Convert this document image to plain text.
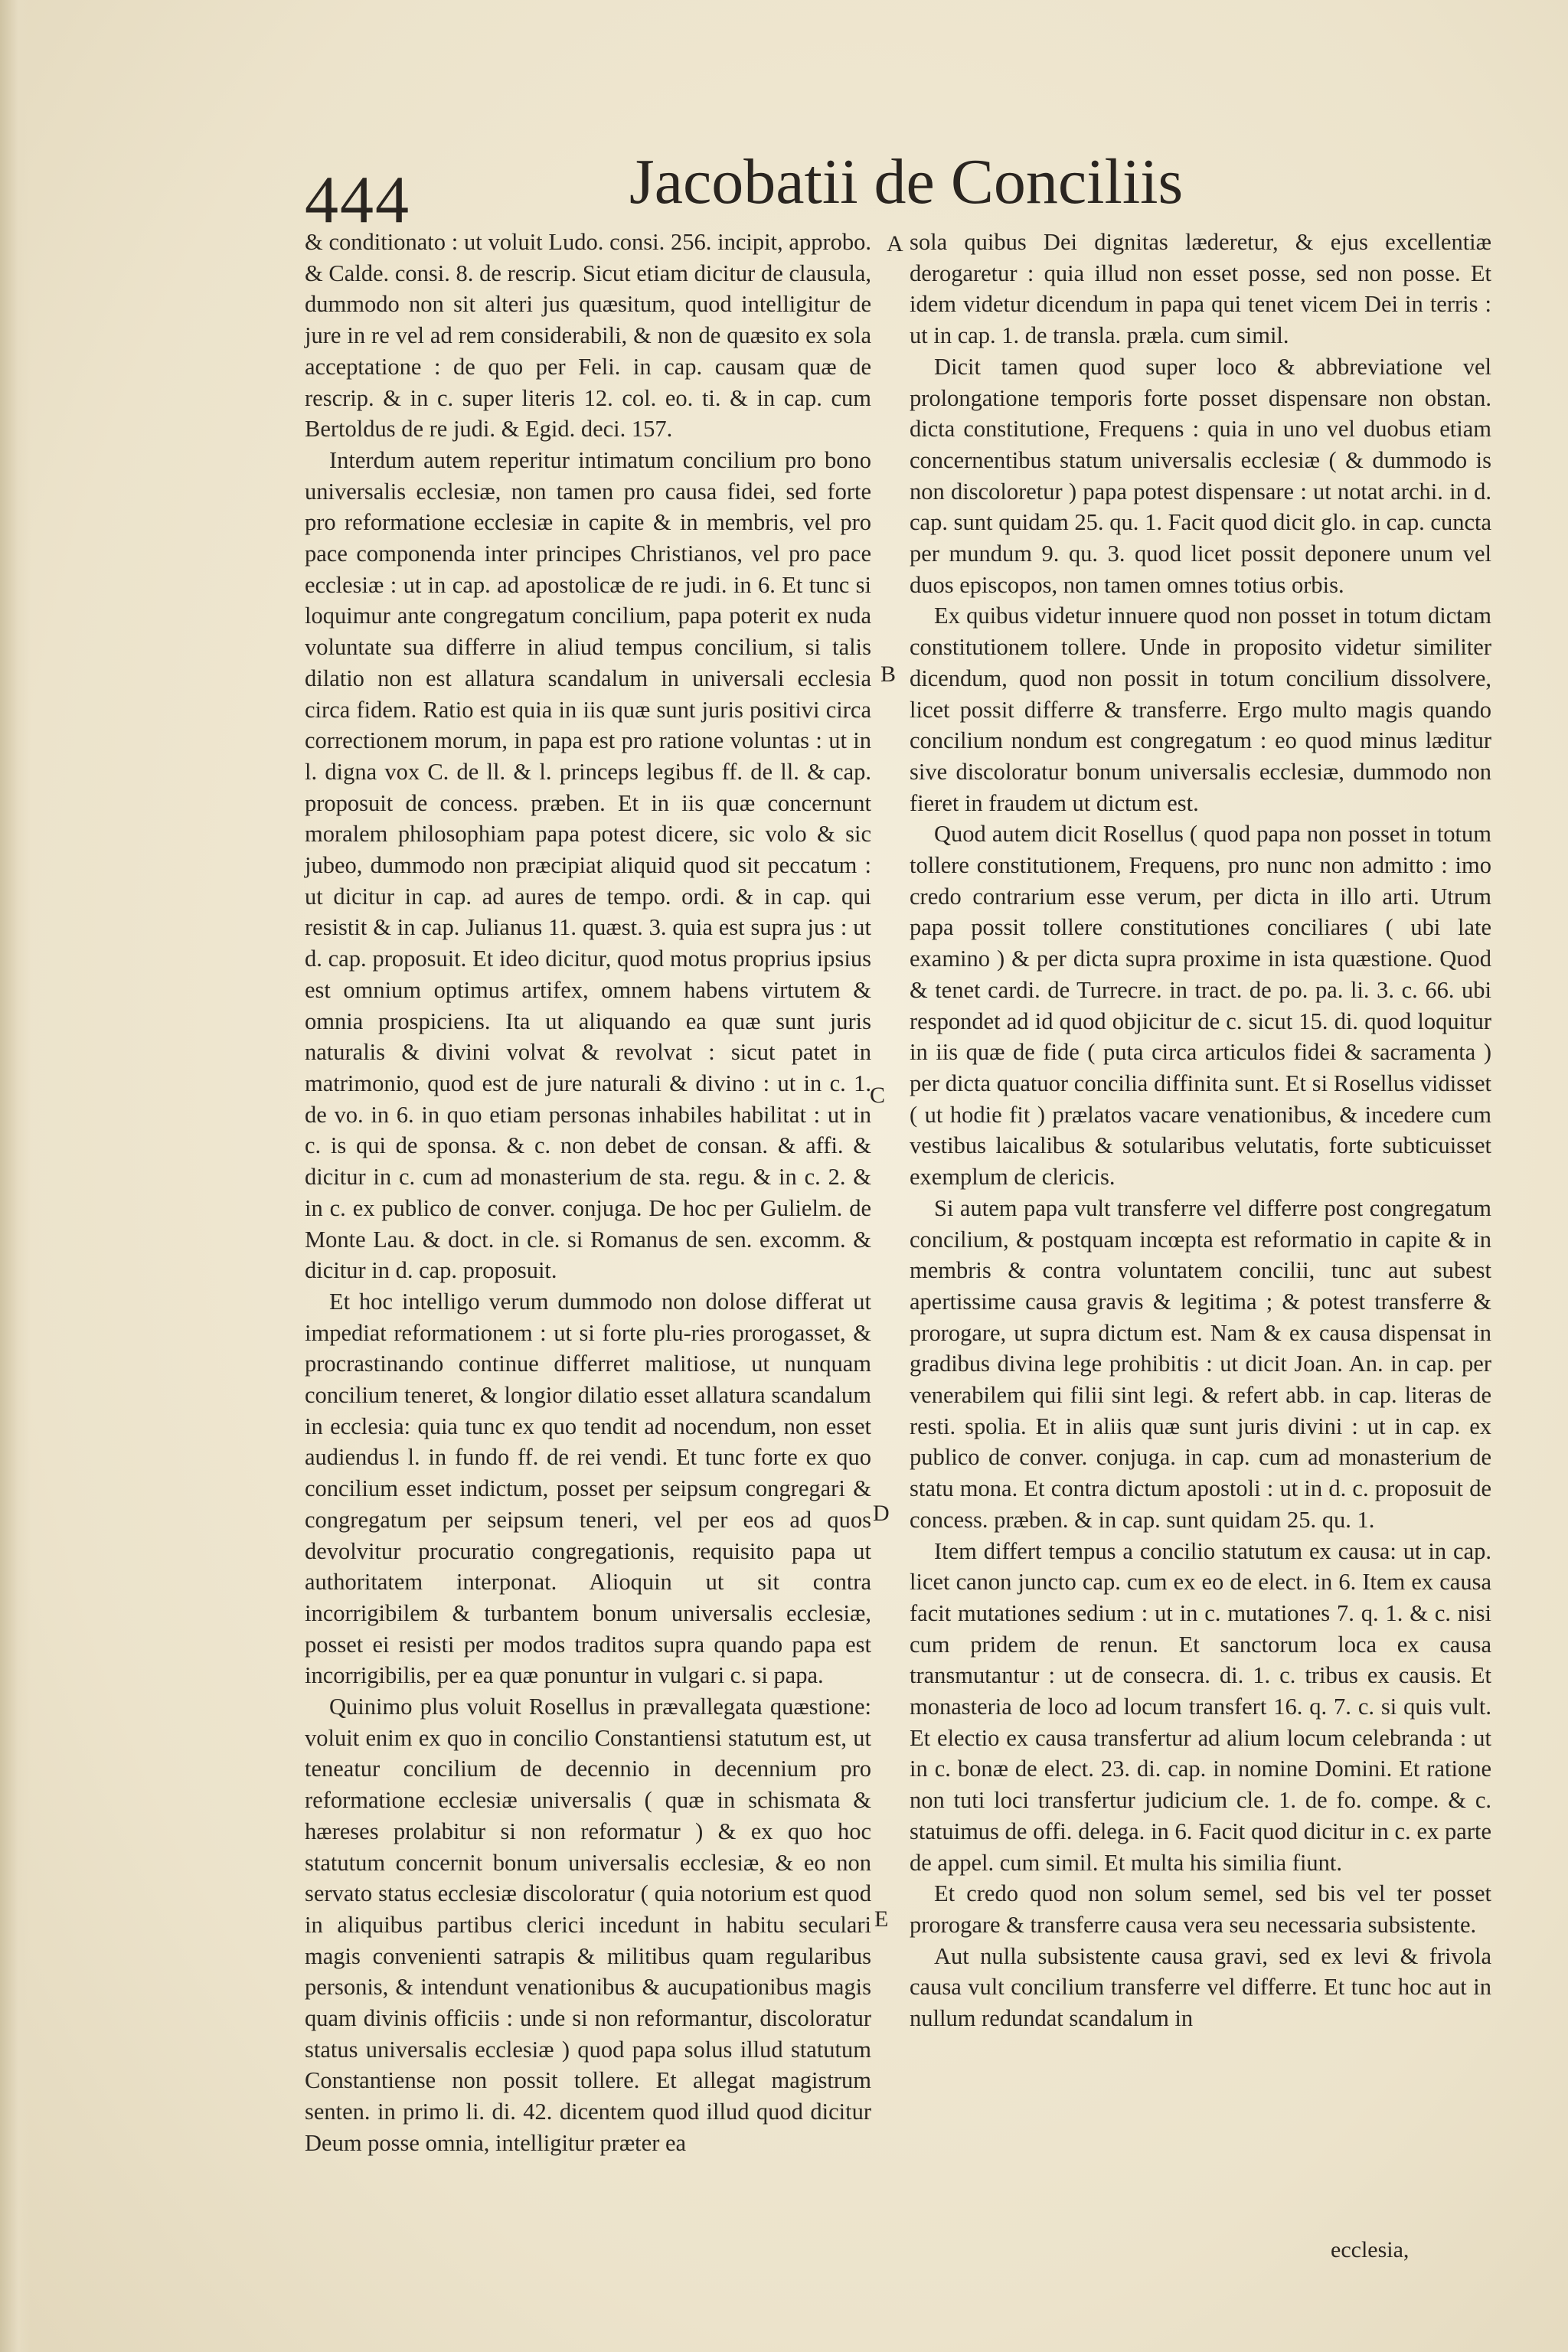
444	Jacobatii de Conciliis

& conditionato : ut voluit Ludo. consi. 256. incipit, approbo. & Calde. consi. 8. de rescrip. Sicut etiam dicitur de clausula, dummodo non sit alteri jus quæsitum, quod intelligitur de jure in re vel ad rem considerabili, & non de quæsito ex sola acceptatione : de quo per Feli. in cap. causam quæ de rescrip. & in c. super literis 12. col. eo. ti. & in cap. cum Bertoldus de re judi. & Egid. deci. 157.

Interdum autem reperitur intimatum concilium pro bono universalis ecclesiæ, non tamen pro causa fidei, sed forte pro reformatione ecclesiæ in capite & in membris, vel pro pace componenda inter principes Christianos, vel pro pace ecclesiæ : ut in cap. ad apostolicæ de re judi. in 6. Et tunc si loquimur ante congregatum concilium, papa poterit ex nuda voluntate sua differre in aliud tempus concilium, si talis dilatio non est allatura scandalum in universali ecclesia circa fidem. Ratio est quia in iis quæ sunt juris positivi circa correctionem morum, in papa est pro ratione voluntas : ut in l. digna vox C. de ll. & l. princeps legibus ff. de ll. & cap. proposuit de concess. præben. Et in iis quæ concernunt moralem philosophiam papa potest dicere, sic volo & sic jubeo, dummodo non præcipiat aliquid quod sit peccatum : ut dicitur in cap. ad aures de tempo. ordi. & in cap. qui resistit & in cap. Julianus 11. quæst. 3. quia est supra jus : ut d. cap. proposuit. Et ideo dicitur, quod motus proprius ipsius est omnium optimus artifex, omnem habens virtutem & omnia prospiciens. Ita ut aliquando ea quæ sunt juris naturalis & divini volvat & revolvat : sicut patet in matrimonio, quod est de jure naturali & divino : ut in c. 1. de vo. in 6. in quo etiam personas inhabiles habilitat : ut in c. is qui de sponsa. & c. non debet de consan. & affi. & dicitur in c. cum ad monasterium de sta. regu. & in c. 2. & in c. ex publico de conver. conjuga. De hoc per Gulielm. de Monte Lau. & doct. in cle. si Romanus de sen. excomm. & dicitur in d. cap. proposuit.

Et hoc intelligo verum dummodo non dolose differat ut impediat reformationem : ut si forte plu-ries prorogasset, & procrastinando continue differret malitiose, ut nunquam concilium teneret, & longior dilatio esset allatura scandalum in ecclesia: quia tunc ex quo tendit ad nocendum, non esset audiendus l. in fundo ff. de rei vendi. Et tunc forte ex quo concilium esset indictum, posset per seipsum congregari & congregatum per seipsum teneri, vel per eos ad quos devolvitur procuratio congregationis, requisito papa ut authoritatem interponat. Alioquin ut sit contra incorrigibilem & turbantem bonum universalis ecclesiæ, posset ei resisti per modos traditos supra quando papa est incorrigibilis, per ea quæ ponuntur in vulgari c. si papa.

Quinimo plus voluit Rosellus in prævallegata quæstione: voluit enim ex quo in concilio Constantiensi statutum est, ut teneatur concilium de decennio in decennium pro reformatione ecclesiæ universalis ( quæ in schismata & hæreses prolabitur si non reformatur ) & ex quo hoc statutum concernit bonum universalis ecclesiæ, & eo non servato status ecclesiæ discoloratur ( quia notorium est quod in aliquibus partibus clerici incedunt in habitu seculari magis convenienti satrapis & militibus quam regularibus personis, & intendunt venationibus & aucupationibus magis quam divinis officiis : unde si non reformantur, discoloratur status universalis ecclesiæ ) quod papa solus illud statutum Constantiense non possit tollere. Et allegat magistrum senten. in primo li. di. 42. dicentem quod illud quod dicitur Deum posse omnia, intelligitur præter ea

A
B
C
D
E

sola quibus Dei dignitas læderetur, & ejus excellentiæ derogaretur : quia illud non esset posse, sed non posse. Et idem videtur dicendum in papa qui tenet vicem Dei in terris : ut in cap. 1. de transla. præla. cum simil.

Dicit tamen quod super loco & abbreviatione vel prolongatione temporis forte posset dispensare non obstan. dicta constitutione, Frequens : quia in uno vel duobus etiam concernentibus statum universalis ecclesiæ ( & dummodo is non discoloretur ) papa potest dispensare : ut notat archi. in d. cap. sunt quidam 25. qu. 1. Facit quod dicit glo. in cap. cuncta per mundum 9. qu. 3. quod licet possit deponere unum vel duos episcopos, non tamen omnes totius orbis.

Ex quibus videtur innuere quod non posset in totum dictam constitutionem tollere. Unde in proposito videtur similiter dicendum, quod non possit in totum concilium dissolvere, licet possit differre & transferre. Ergo multo magis quando concilium nondum est congregatum : eo quod minus læditur sive discoloratur bonum universalis ecclesiæ, dummodo non fieret in fraudem ut dictum est.

Quod autem dicit Rosellus ( quod papa non posset in totum tollere constitutionem, Frequens, pro nunc non admitto : imo credo contrarium esse verum, per dicta in illo arti. Utrum papa possit tollere constitutiones conciliares ( ubi late examino ) & per dicta supra proxime in ista quæstione. Quod & tenet cardi. de Turrecre. in tract. de po. pa. li. 3. c. 66. ubi respondet ad id quod objicitur de c. sicut 15. di. quod loquitur in iis quæ de fide ( puta circa articulos fidei & sacramenta ) per dicta quatuor concilia diffinita sunt. Et si Rosellus vidisset ( ut hodie fit ) prælatos vacare venationibus, & incedere cum vestibus laicalibus & sotularibus velutatis, forte subticuisset exemplum de clericis.

Si autem papa vult transferre vel differre post congregatum concilium, & postquam incœpta est reformatio in capite & in membris & contra voluntatem concilii, tunc aut subest apertissime causa gravis & legitima ; & potest transferre & prorogare, ut supra dictum est. Nam & ex causa dispensat in gradibus divina lege prohibitis : ut dicit Joan. An. in cap. per venerabilem qui filii sint legi. & refert abb. in cap. literas de resti. spolia. Et in aliis quæ sunt juris divini : ut in cap. ex publico de conver. conjuga. in cap. cum ad monasterium de statu mona. Et contra dictum apostoli : ut in d. c. proposuit de concess. præben. & in cap. sunt quidam 25. qu. 1.

Item differt tempus a concilio statutum ex causa: ut in cap. licet canon juncto cap. cum ex eo de elect. in 6. Item ex causa facit mutationes sedium : ut in c. mutationes 7. q. 1. & c. nisi cum pridem de renun. Et sanctorum loca ex causa transmutantur : ut de consecra. di. 1. c. tribus ex causis. Et monasteria de loco ad locum transfert 16. q. 7. c. si quis vult. Et electio ex causa transfertur ad alium locum celebranda : ut in c. bonæ de elect. 23. di. cap. in nomine Domini. Et ratione non tuti loci transfertur judicium cle. 1. de fo. compe. & c. statuimus de offi. delega. in 6. Facit quod dicitur in c. ex parte de appel. cum simil. Et multa his similia fiunt.

Et credo quod non solum semel, sed bis vel ter posset prorogare & transferre causa vera seu necessaria subsistente.

Aut nulla subsistente causa gravi, sed ex levi & frivola causa vult concilium transferre vel differre. Et tunc hoc aut in nullum redundat scandalum in

ecclesia,
